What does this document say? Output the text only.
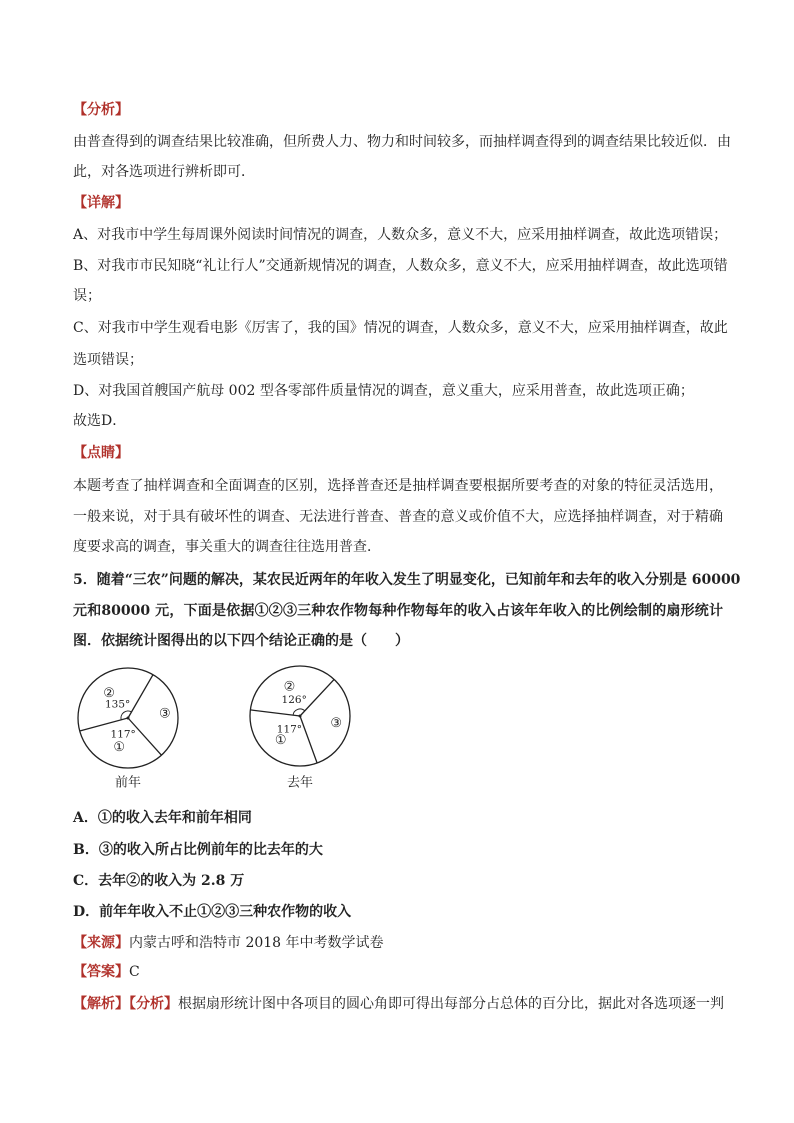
【分析】
由普查得到的调查结果比较准确，但所费人力、物力和时间较多，而抽样调查得到的调查结果比较近似．由
此，对各选项进行辨析即可．
【详解】
A、对我市中学生每周课外阅读时间情况的调查，人数众多，意义不大，应采用抽样调查，故此选项错误；
B、对我市市民知晓“礼让行人”交通新规情况的调查，人数众多，意义不大，应采用抽样调查，故此选项错
误；
C、对我市中学生观看电影《厉害了，我的国》情况的调查，人数众多，意义不大，应采用抽样调查，故此
选项错误；
D、对我国首艘国产航母 002 型各零部件质量情况的调查，意义重大，应采用普查，故此选项正确；
故选D．
【点睛】
本题考查了抽样调查和全面调查的区别，选择普查还是抽样调查要根据所要考查的对象的特征灵活选用，
一般来说，对于具有破坏性的调查、无法进行普查、普查的意义或价值不大，应选择抽样调查，对于精确
度要求高的调查，事关重大的调查往往选用普查．
5．随着“三农”问题的解决，某农民近两年的年收入发生了明显变化，已知前年和去年的收入分别是 60000
元和80000 元，下面是依据①②③三种农作物每种作物每年的收入占该年年收入的比例绘制的扇形统计
图．依据统计图得出的以下四个结论正确的是（　　）
135°
②
③
117°
①
前年
126°
②
③
117°
①
去年
A．①的收入去年和前年相同
B．③的收入所占比例前年的比去年的大
C．去年②的收入为 2.8 万
D．前年年收入不止①②③三种农作物的收入
【来源】内蒙古呼和浩特市 2018 年中考数学试卷
【答案】C
【解析】【分析】根据扇形统计图中各项目的圆心角即可得出每部分占总体的百分比，据此对各选项逐一判
